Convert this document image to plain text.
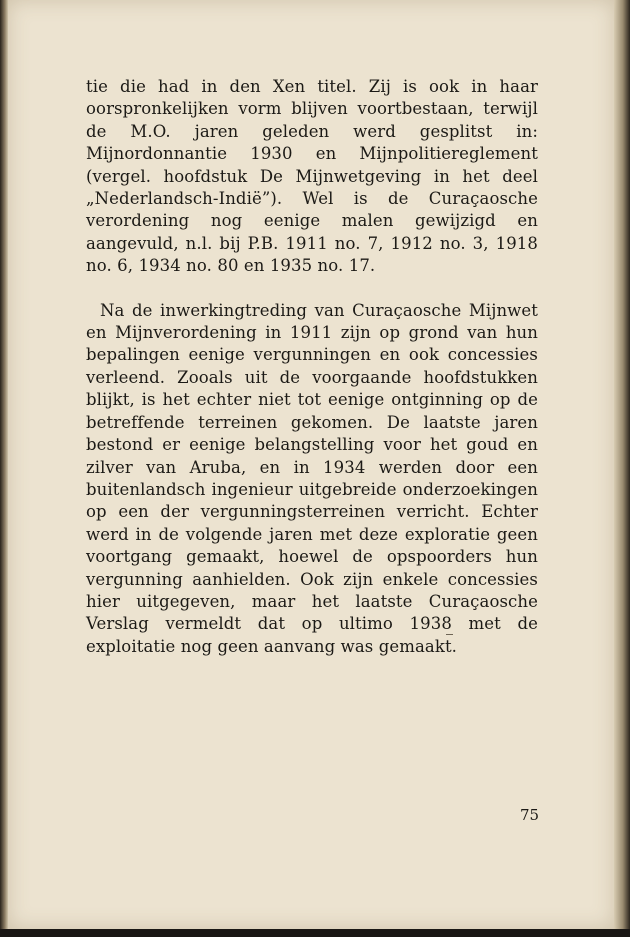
tie die had in den Xen titel. Zij is ook in haar oorspronkelijken vorm blijven voortbestaan, terwijl de M.O. jaren geleden werd gesplitst in: Mijnordonnantie 1930 en Mijnpolitiereglement (vergel. hoofdstuk De Mijnwetgeving in het deel „Nederlandsch-Indië”). Wel is de Curaçaosche verordening nog eenige malen gewijzigd en aangevuld, n.l. bij P.B. 1911 no. 7, 1912 no. 3, 1918 no. 6, 1934 no. 80 en 1935 no. 17.

Na de inwerkingtreding van Curaçaosche Mijnwet en Mijnverordening in 1911 zijn op grond van hun bepalingen eenige vergunningen en ook concessies verleend. Zooals uit de voorgaande hoofdstukken blijkt, is het echter niet tot eenige ontginning op de betreffende terreinen gekomen. De laatste jaren bestond er eenige belangstelling voor het goud en zilver van Aruba, en in 1934 werden door een buitenlandsch ingenieur uitgebreide onderzoekingen op een der vergunningsterreinen verricht. Echter werd in de volgende jaren met deze exploratie geen voortgang gemaakt, hoewel de opspoorders hun vergunning aanhielden. Ook zijn enkele concessies hier uitgegeven, maar het laatste Curaçaosche Verslag vermeldt dat op ultimo 1938 met de exploitatie nog geen aanvang was gemaakt.

75
